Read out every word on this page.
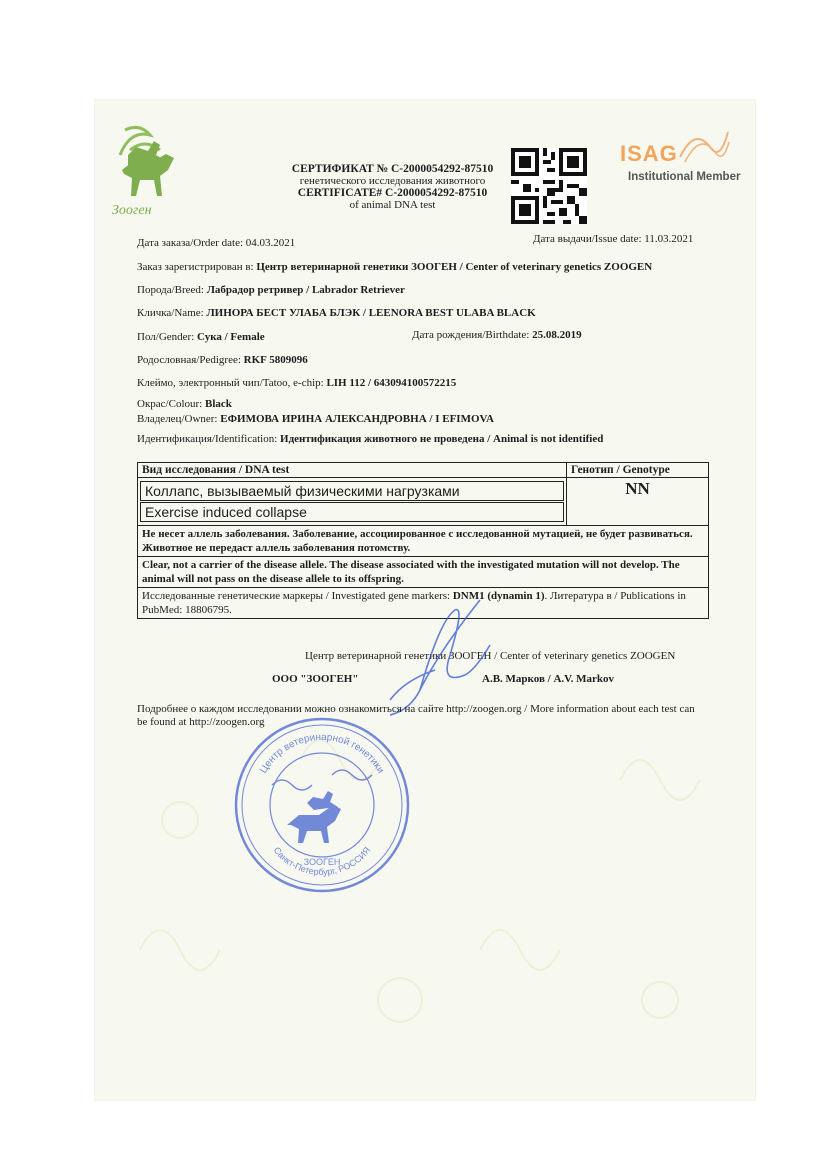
Зооген
СЕРТИФИКАТ № С-2000054292-87510
генетического исследования животного
CERTIFICATE# C-2000054292-87510
of animal DNA test
ISAG
Institutional Member
Дата заказа/Order date: 04.03.2021	Дата выдачи/Issue date: 11.03.2021
Заказ зарегистрирован в: Центр ветеринарной генетики ЗООГЕН / Center of veterinary genetics ZOOGEN
Порода/Breed: Лабрадор ретривер / Labrador Retriever
Кличка/Name: ЛИНОРА БЕСТ УЛАБА БЛЭК / LEENORA BEST ULABA BLACK
Пол/Gender: Сука / Female	Дата рождения/Birthdate: 25.08.2019
Родословная/Pedigree: RKF 5809096
Клеймо, электронный чип/Tatoo, e-chip: LIH 112 / 643094100572215
Окрас/Colour: Black
Владелец/Owner: ЕФИМОВА ИРИНА АЛЕКСАНДРОВНА / I EFIMOVA
Идентификация/Identification: Идентификация животного не проведена / Animal is not identified
Вид исследования / DNA test	Генотип / Genotype

Коллапс, вызываемый физическими нагрузками
Exercise induced collapse	NN
Не несет аллель заболевания. Заболевание, ассоциированное с исследованной мутацией, не будет развиваться. Животное не передаст аллель заболевания потомству.	
Clear, not a carrier of the disease allele. The disease associated with the investigated mutation will not develop. The animal will not pass on the disease allele to its offspring.	
Исследованные генетические маркеры / Investigated gene markers: DNM1 (dynamin 1). Литература в / Publications in PubMed: 18806795.	
Центр ветеринарной генетики ЗООГЕН / Center of veterinary genetics ZOOGEN
ООО "ЗООГЕН"	А.В. Марков / A.V. Markov
Подробнее о каждом исследовании можно ознакомиться на сайте http://zoogen.org / More information about each test can be found at http://zoogen.org
Центр ветеринарной генетики
Санкт-Петербург, РОССИЯ
ЗООГЕН
